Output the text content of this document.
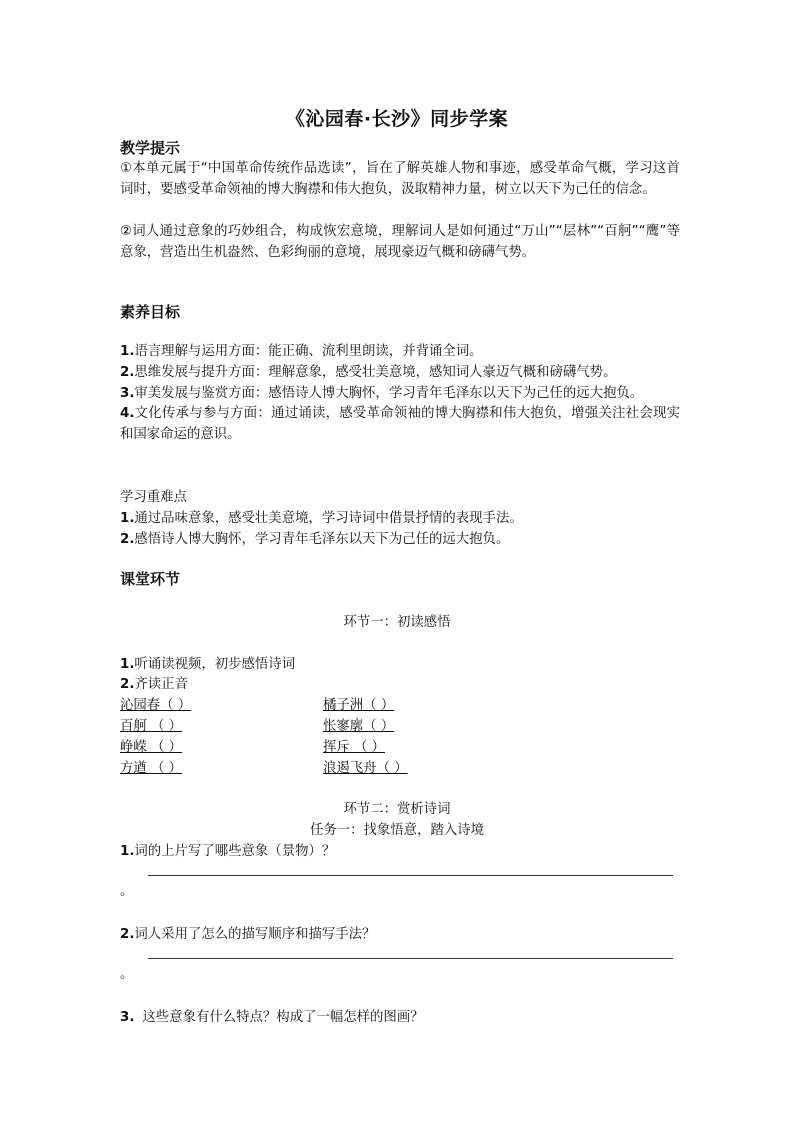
《沁园春·长沙》同步学案
教学提示
①本单元属于“中国革命传统作品选读”，旨在了解英雄人物和事迹，感受革命气概，学习这首词时，要感受革命领袖的博大胸襟和伟大抱负，汲取精神力量，树立以天下为己任的信念。
②词人通过意象的巧妙组合，构成恢宏意境，理解词人是如何通过“万山”“层林”“百舸”“鹰”等意象，营造出生机盎然、色彩绚丽的意境，展现豪迈气概和磅礴气势。
素养目标
1.语言理解与运用方面：能正确、流利里朗读，并背诵全词。
2.思维发展与提升方面：理解意象，感受壮美意境，感知词人豪迈气概和磅礴气势。
3.审美发展与鉴赏方面：感悟诗人博大胸怀，学习青年毛泽东以天下为己任的远大抱负。
4.文化传承与参与方面：通过诵读，感受革命领袖的博大胸襟和伟大抱负，增强关注社会现实和国家命运的意识。
学习重难点
1.通过品味意象，感受壮美意境，学习诗词中借景抒情的表现手法。
2.感悟诗人博大胸怀，学习青年毛泽东以天下为己任的远大抱负。
课堂环节
环节一：初读感悟
1.听诵读视频，初步感悟诗词
2.齐读正音
沁园春（ ）	橘子洲（ ）
百舸 （ ）	怅寥廓（ ）
峥嵘 （ ）	挥斥 （ ）
方遒 （ ）	浪遏飞舟（ ）
环节二：赏析诗词
任务一：找象悟意，踏入诗境
1.词的上片写了哪些意象（景物）？
。
2.词人采用了怎么的描写顺序和描写手法？
。
3. 这些意象有什么特点？构成了一幅怎样的图画？
